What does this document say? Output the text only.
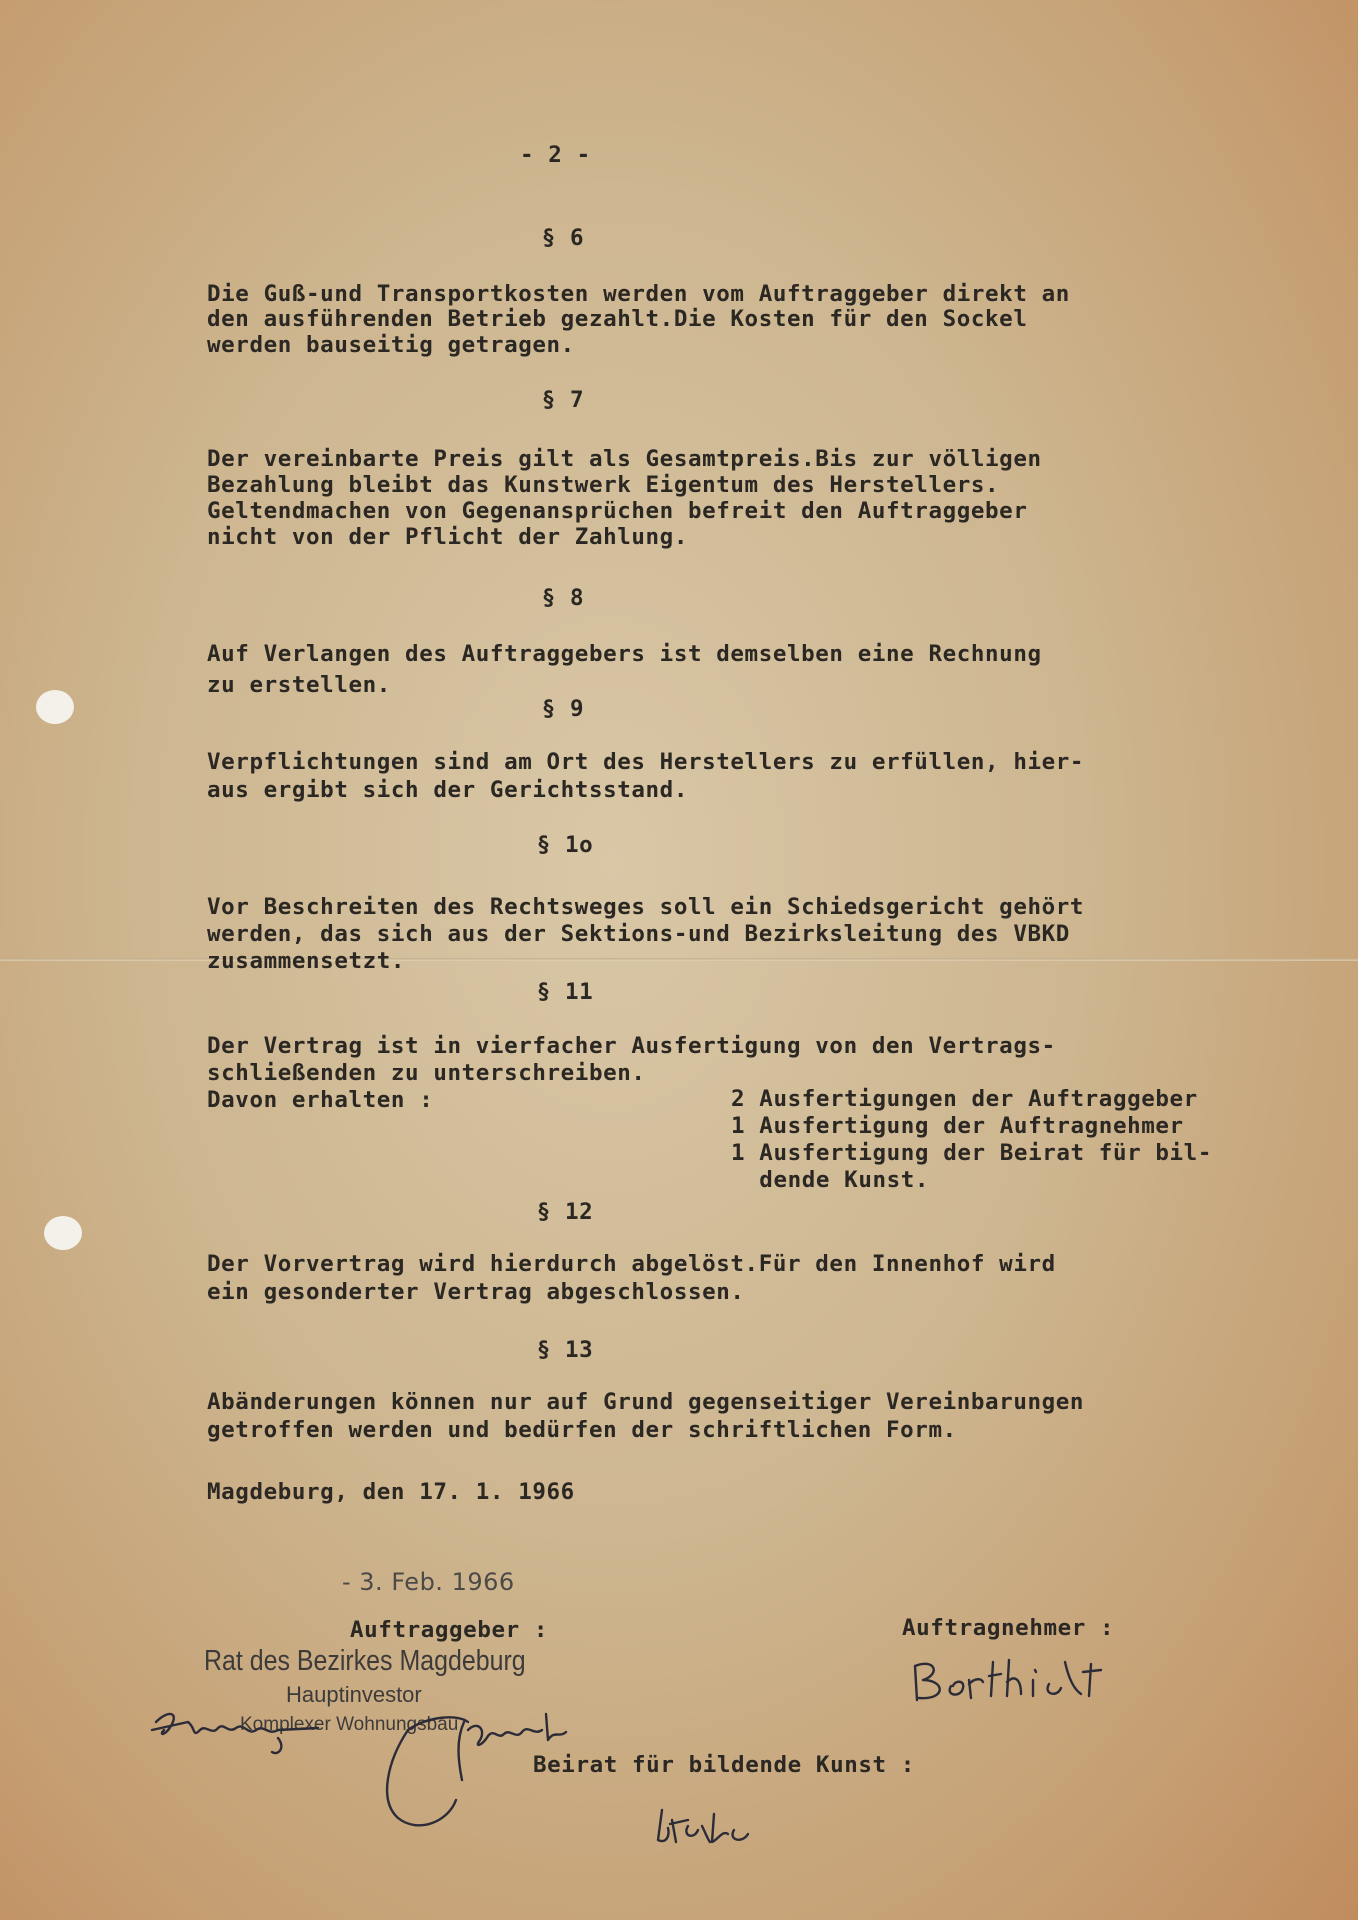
- 2 -
§ 6
Die Guß-und Transportkosten werden vom Auftraggeber direkt an
den ausführenden Betrieb gezahlt.Die Kosten für den Sockel
werden bauseitig getragen.
§ 7
Der vereinbarte Preis gilt als Gesamtpreis.Bis zur völligen
Bezahlung bleibt das Kunstwerk Eigentum des Herstellers.
Geltendmachen von Gegenansprüchen befreit den Auftraggeber
nicht von der Pflicht der Zahlung.
§ 8
Auf Verlangen des Auftraggebers ist demselben eine Rechnung
zu erstellen.
§ 9
Verpflichtungen sind am Ort des Herstellers zu erfüllen, hier-
aus ergibt sich der Gerichtsstand.
§ 1o
Vor Beschreiten des Rechtsweges soll ein Schiedsgericht gehört
werden, das sich aus der Sektions-und Bezirksleitung des VBKD
zusammensetzt.
§ 11
Der Vertrag ist in vierfacher Ausfertigung von den Vertrags-
schließenden zu unterschreiben.
Davon erhalten :	2 Ausfertigungen der Auftraggeber
1 Ausfertigung der Auftragnehmer
1 Ausfertigung der Beirat für bil-
dende Kunst.
§ 12
Der Vorvertrag wird hierdurch abgelöst.Für den Innenhof wird
ein gesonderter Vertrag abgeschlossen.
§ 13
Abänderungen können nur auf Grund gegenseitiger Vereinbarungen
getroffen werden und bedürfen der schriftlichen Form.
Magdeburg, den 17. 1. 1966
- 3. Feb. 1966
Auftraggeber :	Auftragnehmer :
Rat des Bezirkes Magdeburg
Hauptinvestor
Komplexer Wohnungsbau
Beirat für bildende Kunst :
